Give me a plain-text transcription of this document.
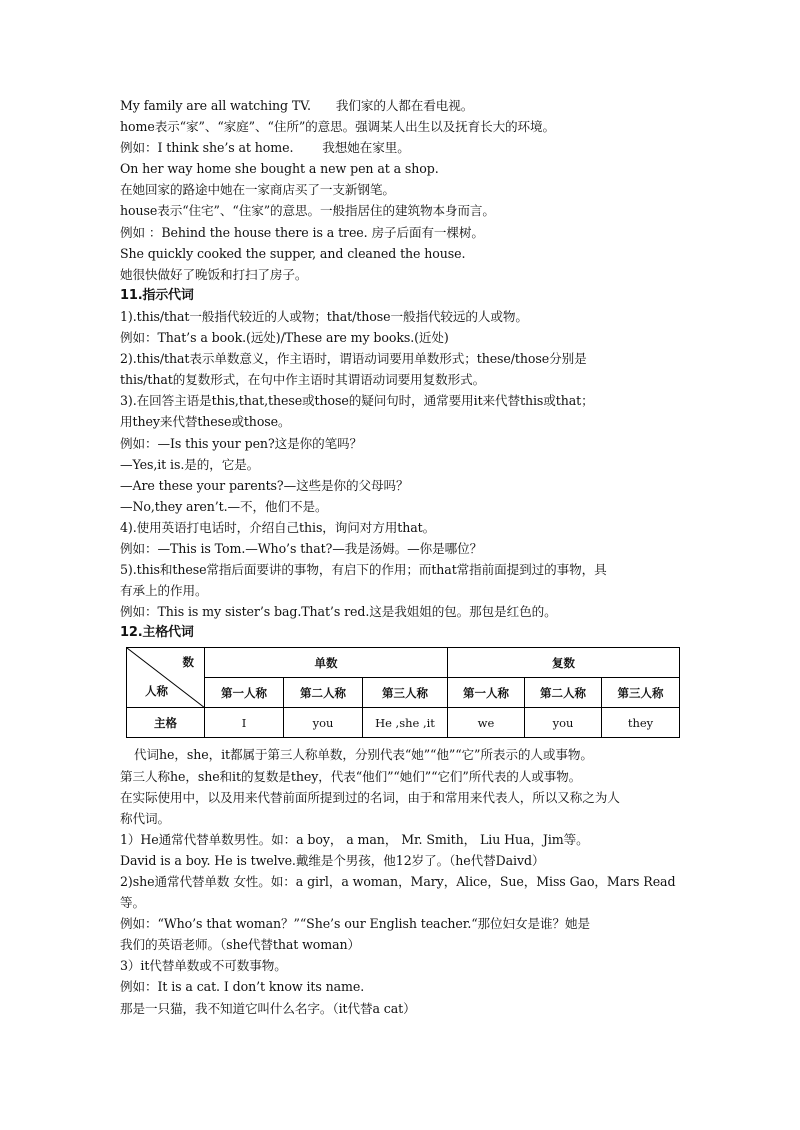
My family are all watching TV.　　我们家的人都在看电视。
home表示“家”、“家庭”、“住所”的意思。强调某人出生以及抚育长大的环境。
例如：I think she’s at home.　　 我想她在家里。
On her way home she bought a new pen at a shop.
在她回家的路途中她在一家商店买了一支新钢笔。
house表示“住宅”、“住家”的意思。一般指居住的建筑物本身而言。
例如 ：Behind the house there is a tree. 房子后面有一棵树。
She quickly cooked the supper, and cleaned the house.
她很快做好了晚饭和打扫了房子。
11.指示代词
1).this/that一般指代较近的人或物；that/those一般指代较远的人或物。
例如：That’s a book.(远处)/These are my books.(近处)
2).this/that表示单数意义，作主语时，谓语动词要用单数形式；these/those分别是
this/that的复数形式，在句中作主语时其谓语动词要用复数形式。
3).在回答主语是this,that,these或those的疑问句时，通常要用it来代替this或that；
用they来代替these或those。
例如：—Is this your pen?这是你的笔吗？
—Yes,it is.是的，它是。
—Are these your parents?—这些是你的父母吗？
—No,they aren’t.—不，他们不是。
4).使用英语打电话时，介绍自己this，询问对方用that。
例如：—This is Tom.—Who’s that?—我是汤姆。—你是哪位？
5).this和these常指后面要讲的事物，有启下的作用；而that常指前面提到过的事物，具
有承上的作用。
例如：This is my sister’s bag.That’s red.这是我姐姐的包。那包是红色的。
12.主格代词
数
人称	单数			复数		
	第一人称	第二人称	第三人称	第一人称	第二人称	第三人称
主格	I	you	He ,she ,it	we	you	they
代词he，she，it都属于第三人称单数，分别代表“她”“他”“它”所表示的人或事物。
第三人称he，she和it的复数是they，代表“他们”“她们”“它们”所代表的人或事物。
在实际使用中，以及用来代替前面所提到过的名词，由于和常用来代表人，所以又称之为人
称代词。
1）He通常代替单数男性。如：a boy， a man， Mr. Smith， Liu Hua，Jim等。
David is a boy. He is twelve.戴维是个男孩，他12岁了。（he代替Daivd）
2)she通常代替单数 女性。如：a girl，a woman，Mary，Alice，Sue，Miss Gao，Mars Read
等。
例如：“Who’s that woman？”“She’s our English teacher.“那位妇女是谁？她是
我们的英语老师。（she代替that woman）
3）it代替单数或不可数事物。
例如：It is a cat. I don’t know its name.
那是一只猫，我不知道它叫什么名字。（it代替a cat）
